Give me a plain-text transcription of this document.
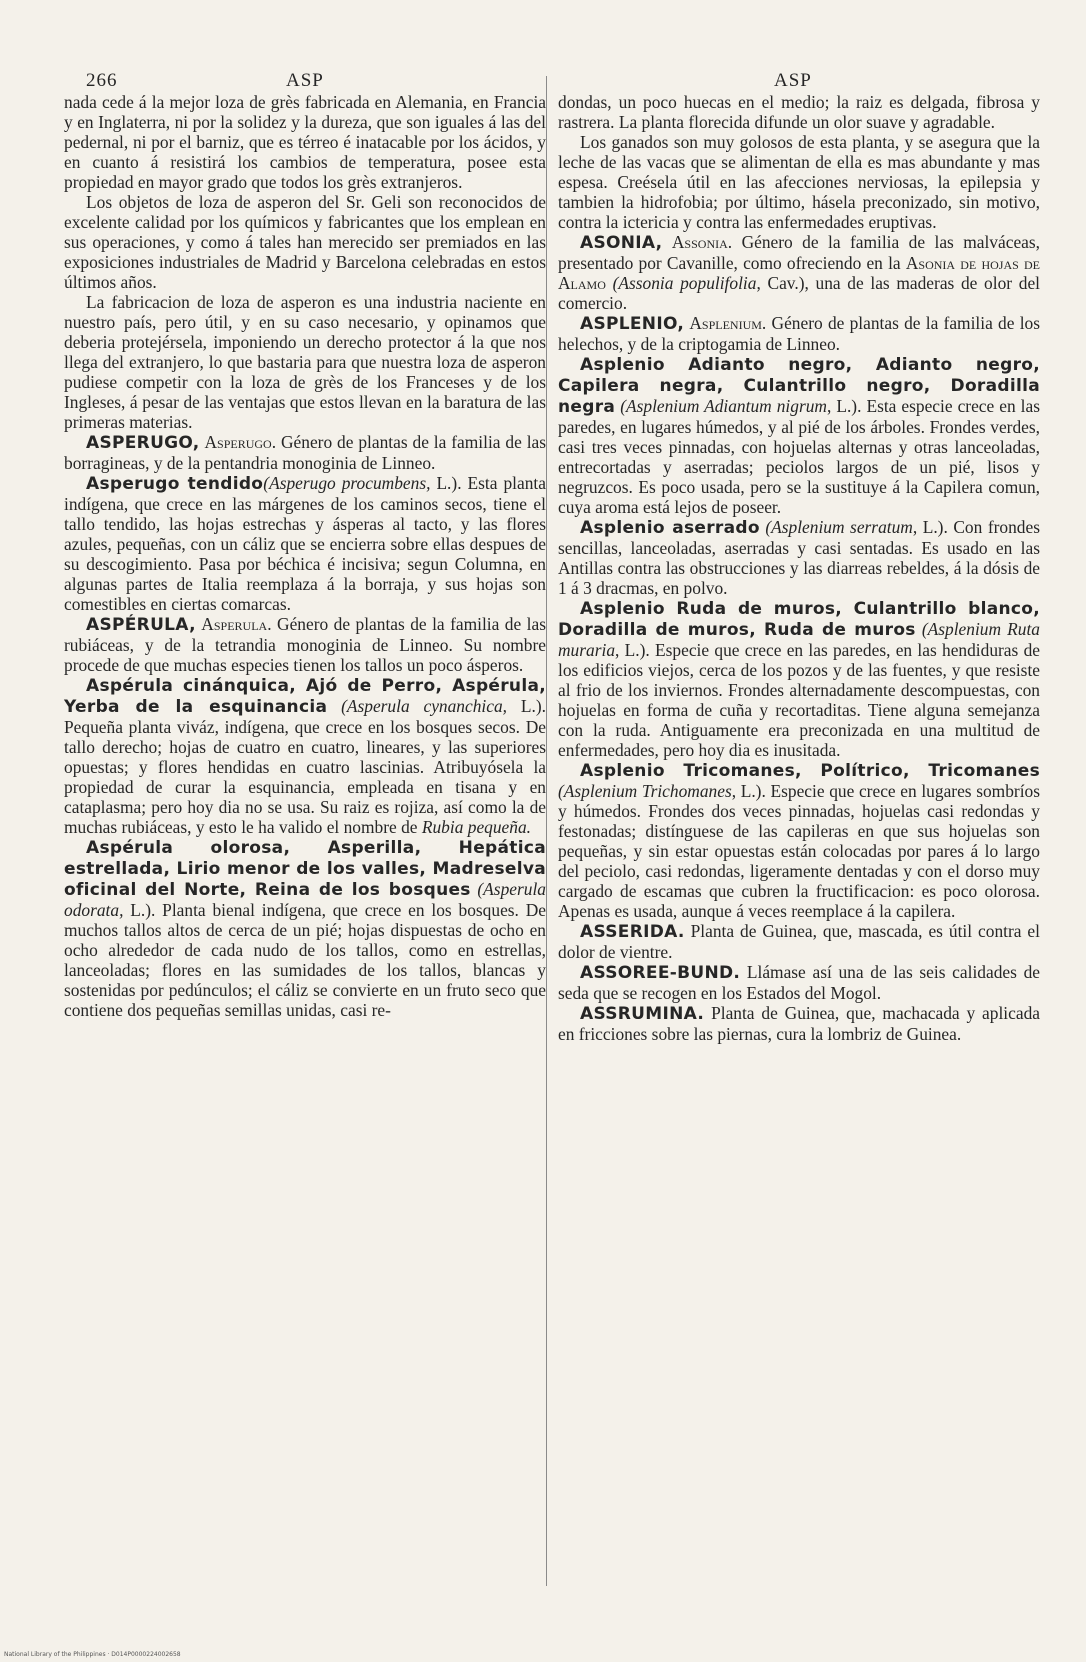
266	ASP	ASP

nada cede á la mejor loza de grès fabricada en Alemania, en Francia y en Inglaterra, ni por la solidez y la dureza, que son iguales á las del pedernal, ni por el barniz, que es térreo é inatacable por los ácidos, y en cuanto á resistirá los cambios de temperatura, posee esta propiedad en mayor grado que todos los grès extranjeros.

Los objetos de loza de asperon del Sr. Geli son reconocidos de excelente calidad por los químicos y fabricantes que los emplean en sus operaciones, y como á tales han merecido ser premiados en las exposiciones industriales de Madrid y Barcelona celebradas en estos últimos años.

La fabricacion de loza de asperon es una industria naciente en nuestro país, pero útil, y en su caso necesario, y opinamos que deberia protejérsela, imponiendo un derecho protector á la que nos llega del extranjero, lo que bastaria para que nuestra loza de asperon pudiese competir con la loza de grès de los Franceses y de los Ingleses, á pesar de las ventajas que estos llevan en la baratura de las primeras materias.

ASPERUGO, Asperugo. Género de plantas de la familia de las borragineas, y de la pentandria monoginia de Linneo.

Asperugo tendido(Asperugo procumbens, L.). Esta planta indígena, que crece en las márgenes de los caminos secos, tiene el tallo tendido, las hojas estrechas y ásperas al tacto, y las flores azules, pequeñas, con un cáliz que se encierra sobre ellas despues de su descogimiento. Pasa por béchica é incisiva; segun Columna, en algunas partes de Italia reemplaza á la borraja, y sus hojas son comestibles en ciertas comarcas.

ASPÉRULA, Asperula. Género de plantas de la familia de las rubiáceas, y de la tetrandia monoginia de Linneo. Su nombre procede de que muchas especies tienen los tallos un poco ásperos.

Aspérula cinánquica, Ajó de Perro, Aspérula, Yerba de la esquinancia (Asperula cynanchica, L.). Pequeña planta viváz, indígena, que crece en los bosques secos. De tallo derecho; hojas de cuatro en cuatro, lineares, y las superiores opuestas; y flores hendidas en cuatro lascinias. Atribuyósela la propiedad de curar la esquinancia, empleada en tisana y en cataplasma; pero hoy dia no se usa. Su raiz es rojiza, así como la de muchas rubiáceas, y esto le ha valido el nombre de Rubia pequeña.

Aspérula olorosa, Asperilla, Hepática estrellada, Lirio menor de los valles, Madreselva oficinal del Norte, Reina de los bosques (Asperula odorata, L.). Planta bienal indígena, que crece en los bosques. De muchos tallos altos de cerca de un pié; hojas dispuestas de ocho en ocho alrededor de cada nudo de los tallos, como en estrellas, lanceoladas; flores en las sumidades de los tallos, blancas y sostenidas por pedúnculos; el cáliz se convierte en un fruto seco que contiene dos pequeñas semillas unidas, casi re-

dondas, un poco huecas en el medio; la raiz es delgada, fibrosa y rastrera. La planta florecida difunde un olor suave y agradable.

Los ganados son muy golosos de esta planta, y se asegura que la leche de las vacas que se alimentan de ella es mas abundante y mas espesa. Creésela útil en las afecciones nerviosas, la epilepsia y tambien la hidrofobia; por último, hásela preconizado, sin motivo, contra la ictericia y contra las enfermedades eruptivas.

ASONIA, Assonia. Género de la familia de las malváceas, presentado por Cavanille, como ofreciendo en la Asonia de hojas de Alamo (Assonia populifolia, Cav.), una de las maderas de olor del comercio.

ASPLENIO, Asplenium. Género de plantas de la familia de los helechos, y de la criptogamia de Linneo.

Asplenio Adianto negro, Adianto negro, Capilera negra, Culantrillo negro, Doradilla negra (Asplenium Adiantum nigrum, L.). Esta especie crece en las paredes, en lugares húmedos, y al pié de los árboles. Frondes verdes, casi tres veces pinnadas, con hojuelas alternas y otras lanceoladas, entrecortadas y aserradas; peciolos largos de un pié, lisos y negruzcos. Es poco usada, pero se la sustituye á la Capilera comun, cuya aroma está lejos de poseer.

Asplenio aserrado (Asplenium serratum, L.). Con frondes sencillas, lanceoladas, aserradas y casi sentadas. Es usado en las Antillas contra las obstrucciones y las diarreas rebeldes, á la dósis de 1 á 3 dracmas, en polvo.

Asplenio Ruda de muros, Culantrillo blanco, Doradilla de muros, Ruda de muros (Asplenium Ruta muraria, L.). Especie que crece en las paredes, en las hendiduras de los edificios viejos, cerca de los pozos y de las fuentes, y que resiste al frio de los inviernos. Frondes alternadamente descompuestas, con hojuelas en forma de cuña y recortaditas. Tiene alguna semejanza con la ruda. Antiguamente era preconizada en una multitud de enfermedades, pero hoy dia es inusitada.

Asplenio Tricomanes, Polítrico, Tricomanes (Asplenium Trichomanes, L.). Especie que crece en lugares sombríos y húmedos. Frondes dos veces pinnadas, hojuelas casi redondas y festonadas; distínguese de las capileras en que sus hojuelas son pequeñas, y sin estar opuestas están colocadas por pares á lo largo del peciolo, casi redondas, ligeramente dentadas y con el dorso muy cargado de escamas que cubren la fructificacion: es poco olorosa. Apenas es usada, aunque á veces reemplace á la capilera.

ASSERIDA. Planta de Guinea, que, mascada, es útil contra el dolor de vientre.

ASSOREE-BUND. Llámase así una de las seis calidades de seda que se recogen en los Estados del Mogol.

ASSRUMINA. Planta de Guinea, que, machacada y aplicada en fricciones sobre las piernas, cura la lombriz de Guinea.

National Library of the Philippines · D014P0000224002658
